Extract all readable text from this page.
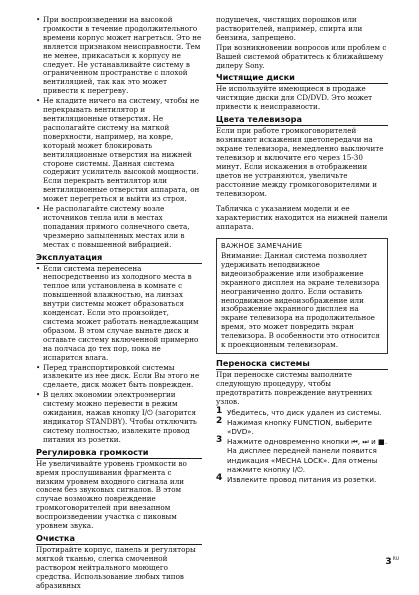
• При воспроизведении на высокой громкости в течение продолжительного времени корпус может нагреться. Это не является признаком неисправности. Тем не менее, прикасаться к корпусу не следует. Не устанавливайте систему в ограниченном пространстве с плохой вентиляцией, так как это может привести к перегреву.
• Не кладите ничего на систему, чтобы не перекрывать вентилятор и вентиляционные отверстия. Не располагайте систему на мягкой поверхности, например, на ковре, который может блокировать вентиляционные отверстия на нижней стороне системы. Данная система содержит усилитель высокой мощности. Если перекрыть вентилятор или вентиляционные отверстия аппарата, он может перегреться и выйти из строя.
• Не располагайте систему возле источников тепла или в местах попадания прямого солнечного света, чрезмерно запыленных местах или в местах с повышенной вибрацией.
Эксплуатация
• Если система перенесена непосредственно из холодного места в теплое или установлена в комнате с повышенной влажностью, на линзах внутри системы может образоваться конденсат. Если это произойдет, система может работать ненадлежащим образом. В этом случае выньте диск и оставьте систему включенной примерно на полчаса до тех пор, пока не испарится влага.
• Перед транспортировкой системы извлеките из нее диск. Если Вы этого не сделаете, диск может быть поврежден.
• В целях экономии электроэнергии систему можно перевести в режим ожидания, нажав кнопку I/⏻ (загорится индикатор STANDBY). Чтобы отключить систему полностью, извлеките провод питания из розетки.
Регулировка громкости

Не увеличивайте уровень громкости во время прослушивания фрагмента с низким уровнем входного сигнала или совсем без звуковых сигналов. В этом случае возможно повреждение громкоговорителей при внезапном воспроизведении участка с пиковым уровнем звука.

Очистка

Протирайте корпус, панель и регуляторы мягкой тканью, слегка смоченной раствором нейтрального моющего средства. Использование любых типов абразивных

подушечек, чистящих порошков или растворителей, например, спирта или бензина, запрещено.

При возникновении вопросов или проблем с Вашей системой обратитесь к ближайшему дилеру Sony.

Чистящие диски

Не используйте имеющиеся в продаже чистящие диски для CD/DVD. Это может привести к неисправности.

Цвета телевизора

Если при работе громкоговорителей возникают искажения цветопередачи на экране телевизора, немедленно выключите телевизор и включите его через 15-30 минут. Если искажения в отображении цветов не устраняются, увеличьте расстояние между громкоговорителями и телевизором.

Табличка с указанием модели и ее характеристик находится на нижней панели аппарата.

ВАЖНОЕ ЗАМЕЧАНИЕ
Внимание: Данная система позволяет удерживать неподвижное видеоизображение или изображение экранного дисплея на экране телевизора неограниченно долго. Если оставить неподвижное видеоизображение или изображение экранного дисплея на экране телевизора на продолжительное время, это может повредить экран телевизора. В особенности это относится к проекционным телевизорам.
Переноска системы

При переноске системы выполните следующую процедуру, чтобы предотвратить повреждение внутренних узлов.

1 Убедитесь, что диск удален из системы.
2 Нажимая кнопку FUNCTION, выберите «DVD».
3 Нажмите одновременно кнопки ⏮, ⏭ и ■.
На дисплее передней панели появится индикация «MECHA LOCK». Для отмены нажмите кнопку I/⏻.
4 Извлеките провод питания из розетки.
$3^{RU}$
